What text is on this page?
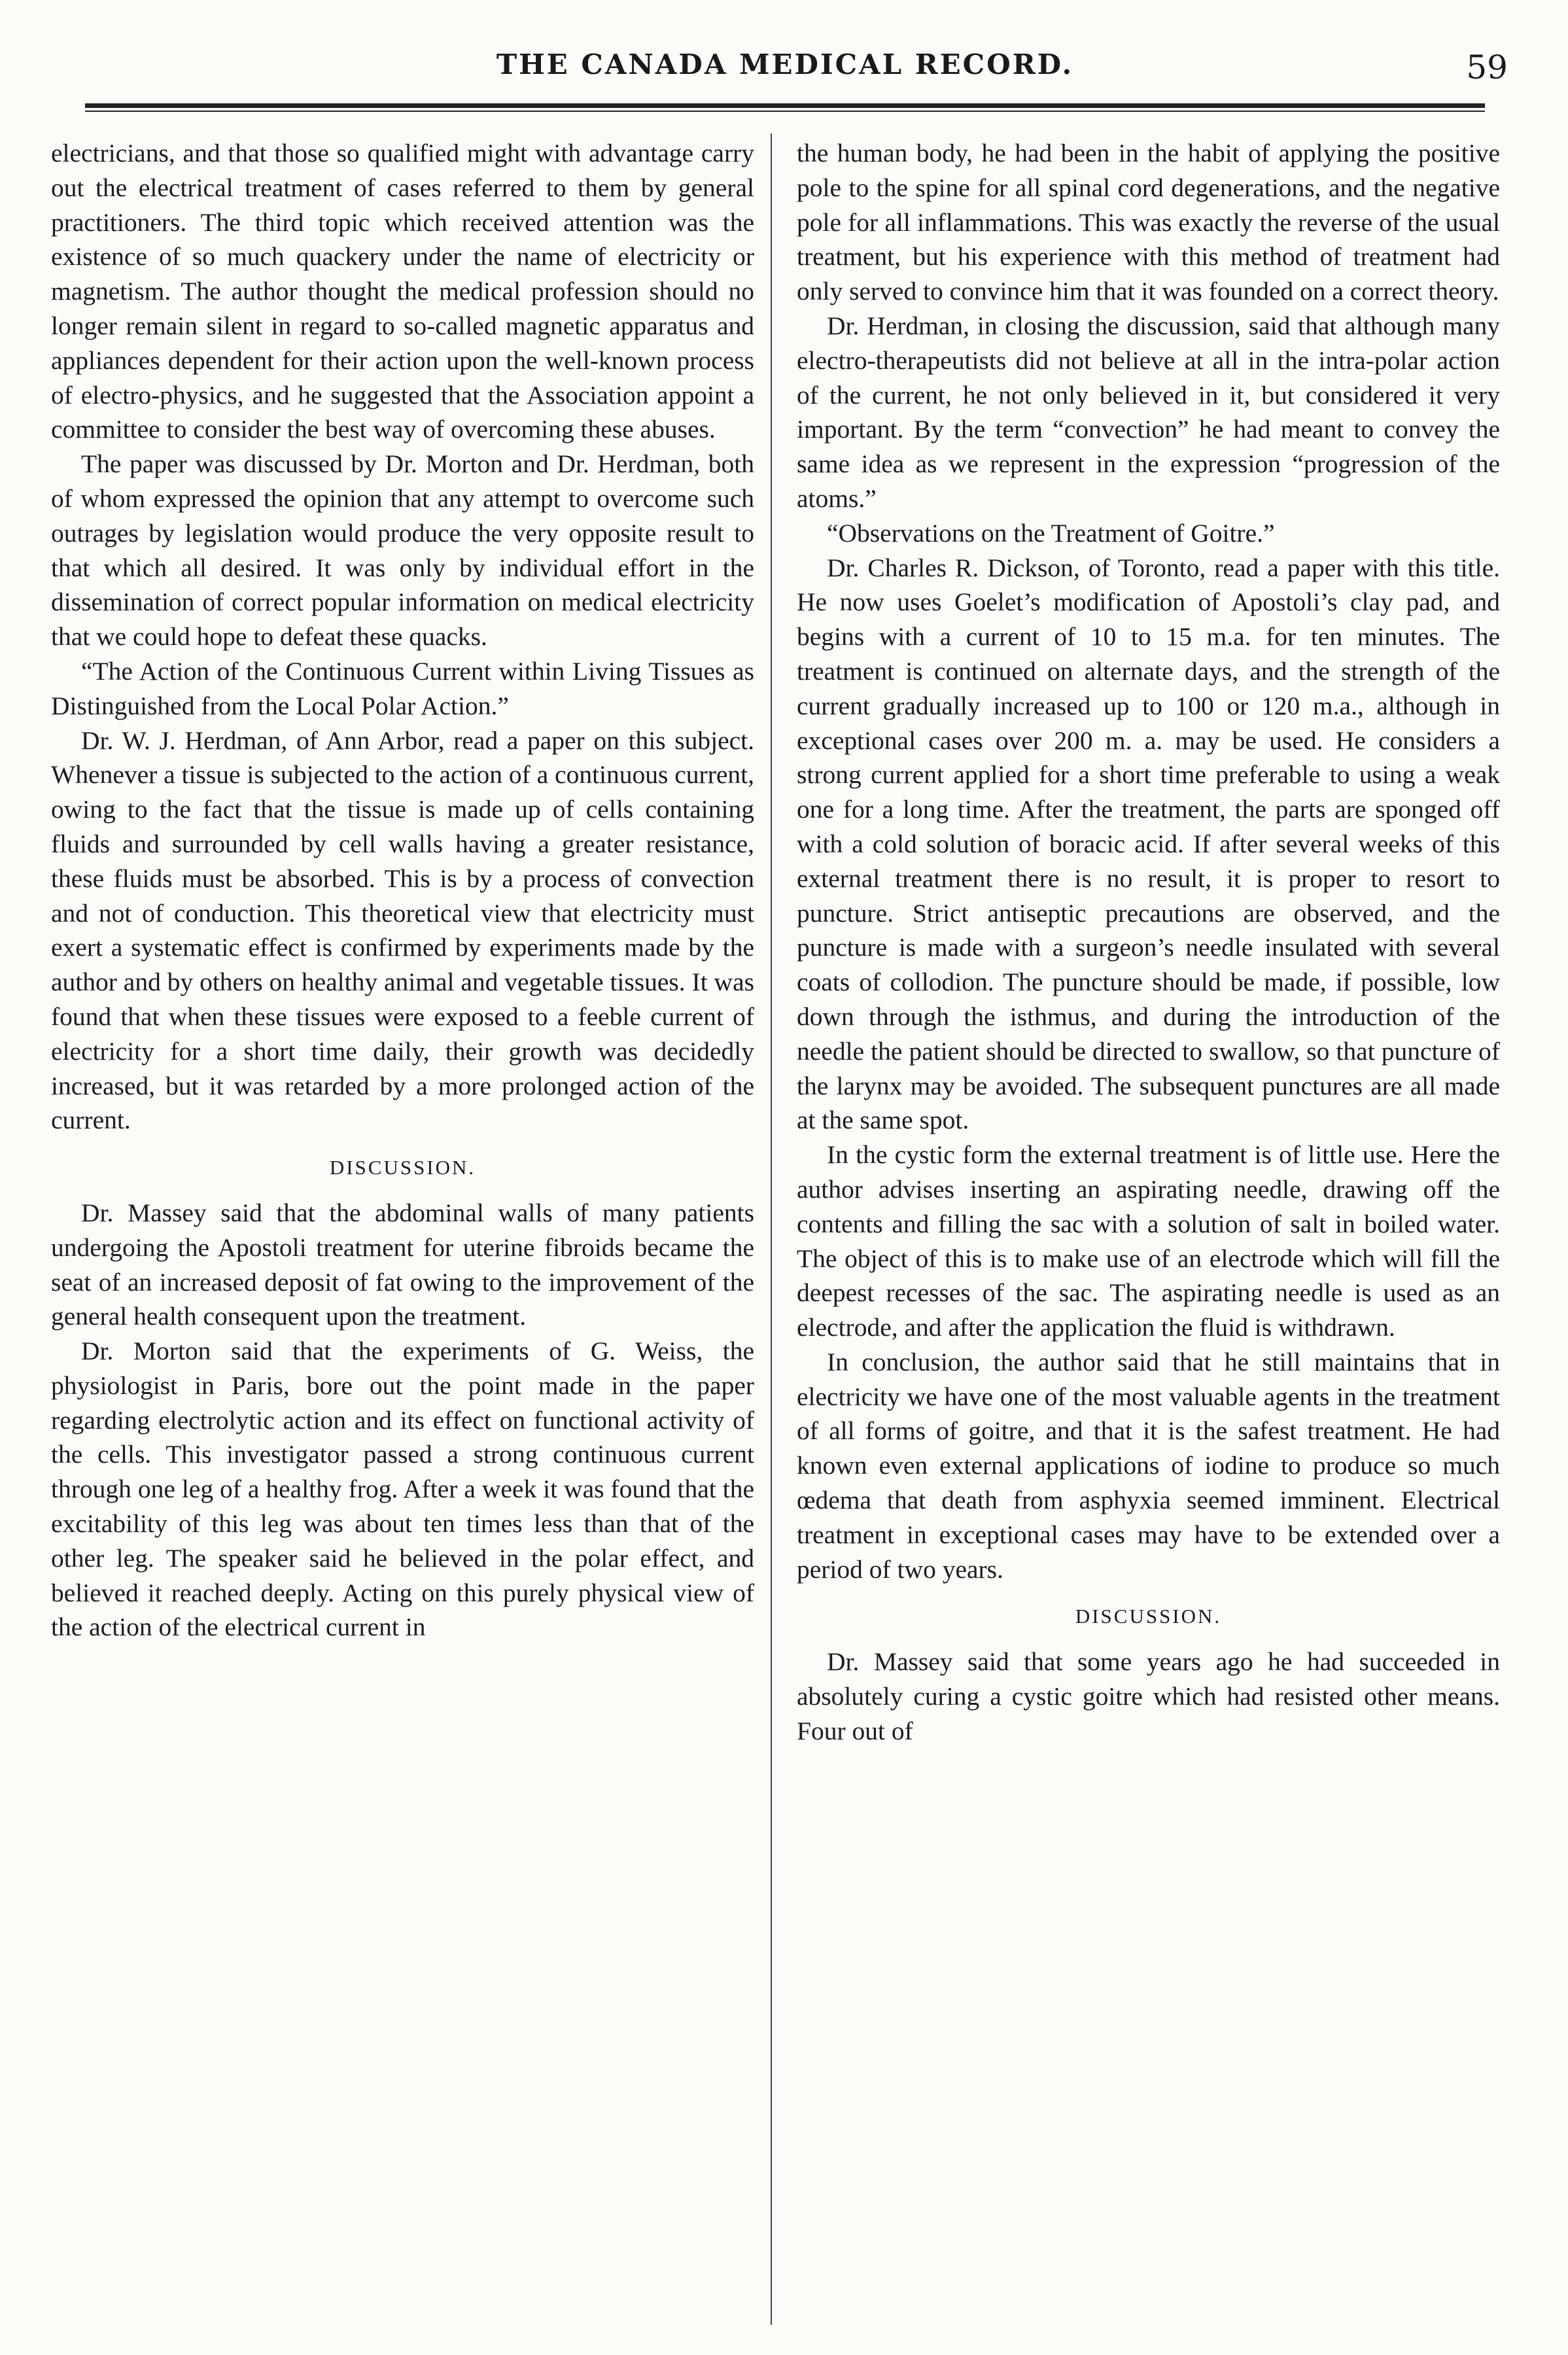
THE CANADA MEDICAL RECORD.	59

electricians, and that those so qualified might with advantage carry out the electrical treatment of cases referred to them by general practitioners. The third topic which received attention was the existence of so much quackery under the name of electricity or magnetism. The author thought the medical profession should no longer remain silent in regard to so-called magnetic apparatus and appliances dependent for their action upon the well-known process of electro-physics, and he suggested that the Association appoint a committee to consider the best way of overcoming these abuses.

The paper was discussed by Dr. Morton and Dr. Herdman, both of whom expressed the opinion that any attempt to overcome such outrages by legislation would produce the very opposite result to that which all desired. It was only by individual effort in the dissemination of correct popular information on medical electricity that we could hope to defeat these quacks.

“The Action of the Continuous Current within Living Tissues as Distinguished from the Local Polar Action.”

Dr. W. J. Herdman, of Ann Arbor, read a paper on this subject. Whenever a tissue is subjected to the action of a continuous current, owing to the fact that the tissue is made up of cells containing fluids and surrounded by cell walls having a greater resistance, these fluids must be absorbed. This is by a process of convection and not of conduction. This theoretical view that electricity must exert a systematic effect is confirmed by experiments made by the author and by others on healthy animal and vegetable tissues. It was found that when these tissues were exposed to a feeble current of electricity for a short time daily, their growth was decidedly increased, but it was retarded by a more prolonged action of the current.

DISCUSSION.

Dr. Massey said that the abdominal walls of many patients undergoing the Apostoli treatment for uterine fibroids became the seat of an increased deposit of fat owing to the improvement of the general health consequent upon the treatment.

Dr. Morton said that the experiments of G. Weiss, the physiologist in Paris, bore out the point made in the paper regarding electrolytic action and its effect on functional activity of the cells. This investigator passed a strong continuous current through one leg of a healthy frog. After a week it was found that the excitability of this leg was about ten times less than that of the other leg. The speaker said he believed in the polar effect, and believed it reached deeply. Acting on this purely physical view of the action of the electrical current in

the human body, he had been in the habit of applying the positive pole to the spine for all spinal cord degenerations, and the negative pole for all inflammations. This was exactly the reverse of the usual treatment, but his experience with this method of treatment had only served to convince him that it was founded on a correct theory.

Dr. Herdman, in closing the discussion, said that although many electro-therapeutists did not believe at all in the intra-polar action of the current, he not only believed in it, but considered it very important. By the term “convection” he had meant to convey the same idea as we represent in the expression “progression of the atoms.”

“Observations on the Treatment of Goitre.”

Dr. Charles R. Dickson, of Toronto, read a paper with this title. He now uses Goelet’s modification of Apostoli’s clay pad, and begins with a current of 10 to 15 m.a. for ten minutes. The treatment is continued on alternate days, and the strength of the current gradually increased up to 100 or 120 m.a., although in exceptional cases over 200 m. a. may be used. He considers a strong current applied for a short time preferable to using a weak one for a long time. After the treatment, the parts are sponged off with a cold solution of boracic acid. If after several weeks of this external treatment there is no result, it is proper to resort to puncture. Strict antiseptic precautions are observed, and the puncture is made with a surgeon’s needle insulated with several coats of collodion. The puncture should be made, if possible, low down through the isthmus, and during the introduction of the needle the patient should be directed to swallow, so that puncture of the larynx may be avoided. The subsequent punctures are all made at the same spot.

In the cystic form the external treatment is of little use. Here the author advises inserting an aspirating needle, drawing off the contents and filling the sac with a solution of salt in boiled water. The object of this is to make use of an electrode which will fill the deepest recesses of the sac. The aspirating needle is used as an electrode, and after the application the fluid is withdrawn.

In conclusion, the author said that he still maintains that in electricity we have one of the most valuable agents in the treatment of all forms of goitre, and that it is the safest treatment. He had known even external applications of iodine to produce so much œdema that death from asphyxia seemed imminent. Electrical treatment in exceptional cases may have to be extended over a period of two years.

DISCUSSION.

Dr. Massey said that some years ago he had succeeded in absolutely curing a cystic goitre which had resisted other means. Four out of
